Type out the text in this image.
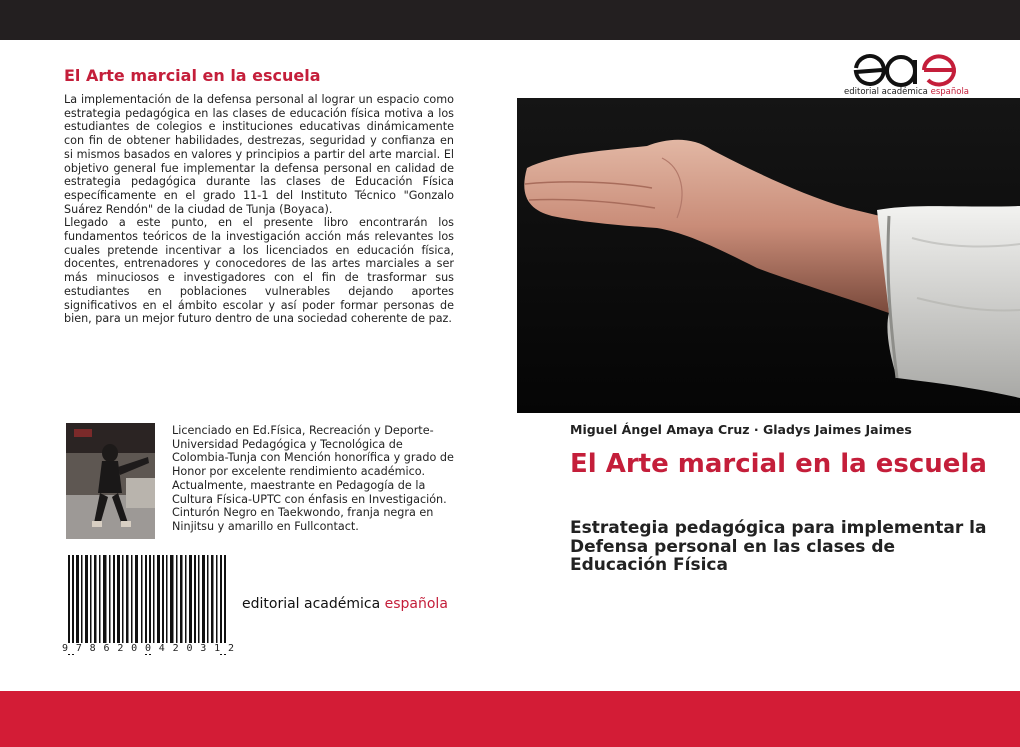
El Arte marcial en la escuela

La implementación de la defensa personal al lograr un espacio como estrategia pedagógica en las clases de educación física motiva a los estudiantes de colegios e instituciones educativas dinámicamente con fin de obtener habilidades, destrezas, seguridad y confianza en si mismos basados en valores y principios a partir del arte marcial. El objetivo general fue implementar la defensa personal en calidad de estrategia pedagógica durante las clases de Educación Física específicamente en el grado 11-1 del Instituto Técnico "Gonzalo Suárez Rendón" de la ciudad de Tunja (Boyaca).

Llegado a este punto, en el presente libro encontrarán los fundamentos teóricos de la investigación acción más relevantes los cuales pretende incentivar a los licenciados en educación física, docentes, entrenadores y conocedores de las artes marciales a ser más minuciosos e investigadores con el fin de trasformar sus estudiantes en poblaciones vulnerables dejando aportes significativos en el ámbito escolar y así poder formar personas de bien, para un mejor futuro dentro de una sociedad coherente de paz.

Licenciado en Ed.Física, Recreación y Deporte-Universidad Pedagógica y Tecnológica de Colombia-Tunja con Mención honorífica y grado de Honor por excelente rendimiento académico. Actualmente, maestrante en Pedagogía de la Cultura Física-UPTC con énfasis en Investigación. Cinturón Negro en Taekwondo, franja negra en Ninjitsu y amarillo en Fullcontact.

9 7 8 6 2 0 0 4 2 0 3 1 2
editorial académica española
editorial académica española
Miguel Ángel Amaya Cruz · Gladys Jaimes Jaimes
El Arte marcial en la escuela
Estrategia pedagógica para implementar la Defensa personal en las clases de Educación Física
